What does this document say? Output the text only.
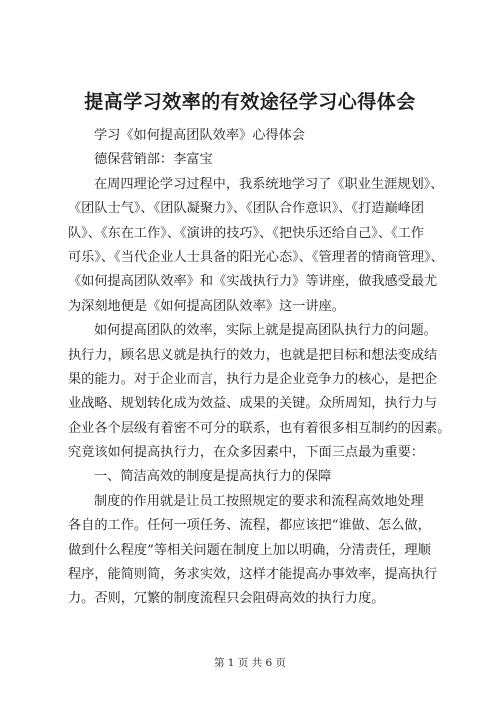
提高学习效率的有效途径学习心得体会
学习《如何提高团队效率》心得体会
德保营销部：李富宝
在周四理论学习过程中，我系统地学习了《职业生涯规划》、
《团队士气》、《团队凝聚力》、《团队合作意识》、《打造巅峰团
队》、《东在工作》、《演讲的技巧》、《把快乐还给自己》、《工作
可乐》、《当代企业人士具备的阳光心态》、《管理者的情商管理》、
《如何提高团队效率》和《实战执行力》等讲座，做我感受最尤
为深刻地便是《如何提高团队效率》这一讲座。
如何提高团队的效率，实际上就是提高团队执行力的问题。
执行力，顾名思义就是执行的效力，也就是把目标和想法变成结
果的能力。对于企业而言，执行力是企业竞争力的核心，是把企
业战略、规划转化成为效益、成果的关键。众所周知，执行力与
企业各个层级有着密不可分的联系，也有着很多相互制约的因素。
究竟该如何提高执行力，在众多因素中，下面三点最为重要：
一、简洁高效的制度是提高执行力的保障
制度的作用就是让员工按照规定的要求和流程高效地处理
各自的工作。任何一项任务、流程，都应该把“谁做、怎么做，
做到什么程度”等相关问题在制度上加以明确，分清责任，理顺
程序，能简则简，务求实效，这样才能提高办事效率，提高执行
力。否则，冗繁的制度流程只会阻碍高效的执行力度。
第 1 页 共 6 页
